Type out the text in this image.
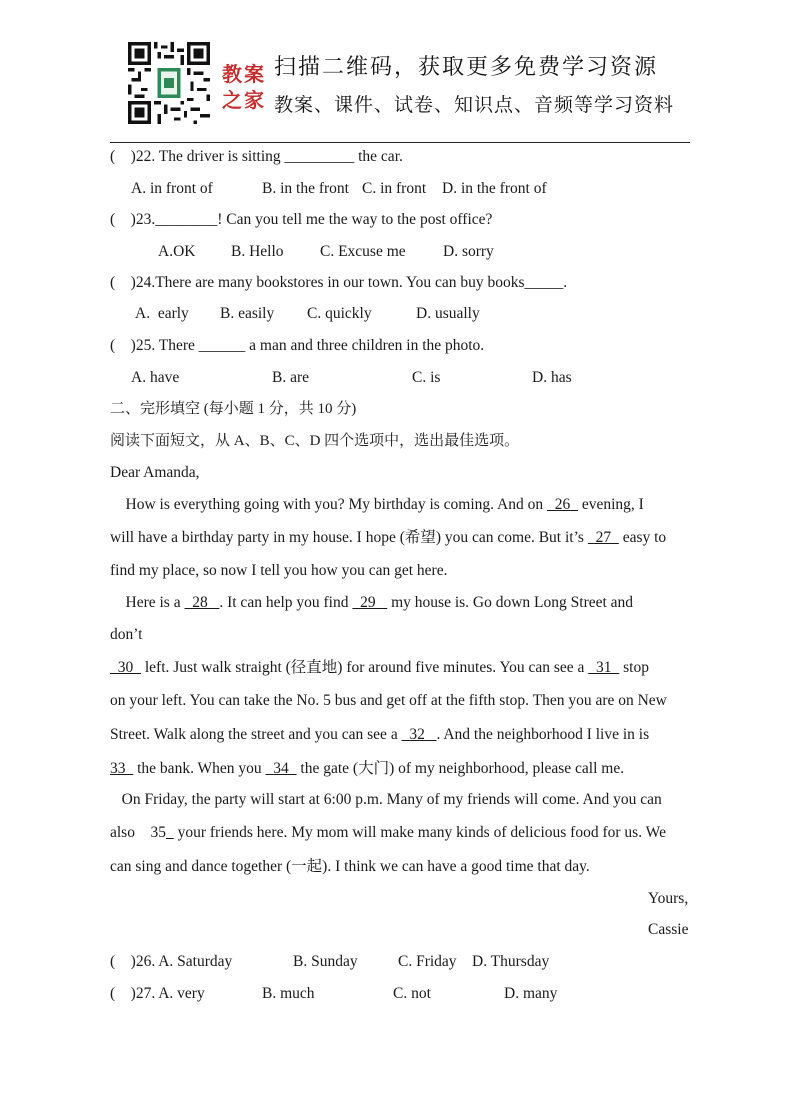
教案
之家
扫描二维码，获取更多免费学习资源
教案、课件、试卷、知识点、音频等学习资料
(    )22. The driver is sitting _________ the car.
A. in front of	B. in the front C. in front D. in the front of
(    )23.________! Can you tell me the way to the post office?
A.OK B. Hello C. Excuse me D. sorry
(    )24.There are many bookstores in our town. You can buy books_____.
A.  early B. easily C. quickly	D. usually
(    )25. There ______ a man and three children in the photo.
A. have	B. are	C. is	D. has
二、完形填空 (每小题 1 分，共 10 分)
阅读下面短文，从 A、B、C、D 四个选项中，选出最佳选项。
Dear Amanda,
How is everything going with you? My birthday is coming. And on   26   evening, I
will have a birthday party in my house. I hope (希望) you can come. But it’s   27   easy to
find my place, so now I tell you how you can get here.
Here is a   28   . It can help you find   29    my house is. Go down Long Street and
don’t
30   left. Just walk straight (径直地) for around five minutes. You can see a   31   stop
on your left. You can take the No. 5 bus and get off at the fifth stop. Then you are on New
Street. Walk along the street and you can see a   32   . And the neighborhood I live in is
33   the bank. When you   34   the gate (大门) of my neighborhood, please call me.
On Friday, the party will start at 6:00 p.m. Many of my friends will come. And you can
also    35   your friends here. My mom will make many kinds of delicious food for us. We
can sing and dance together (一起). I think we can have a good time that day.
Yours,
Cassie
(    )26. A. Saturday	B. Sunday	C. Friday D. Thursday
(    )27. A. very	B. much	C. not	D. many
